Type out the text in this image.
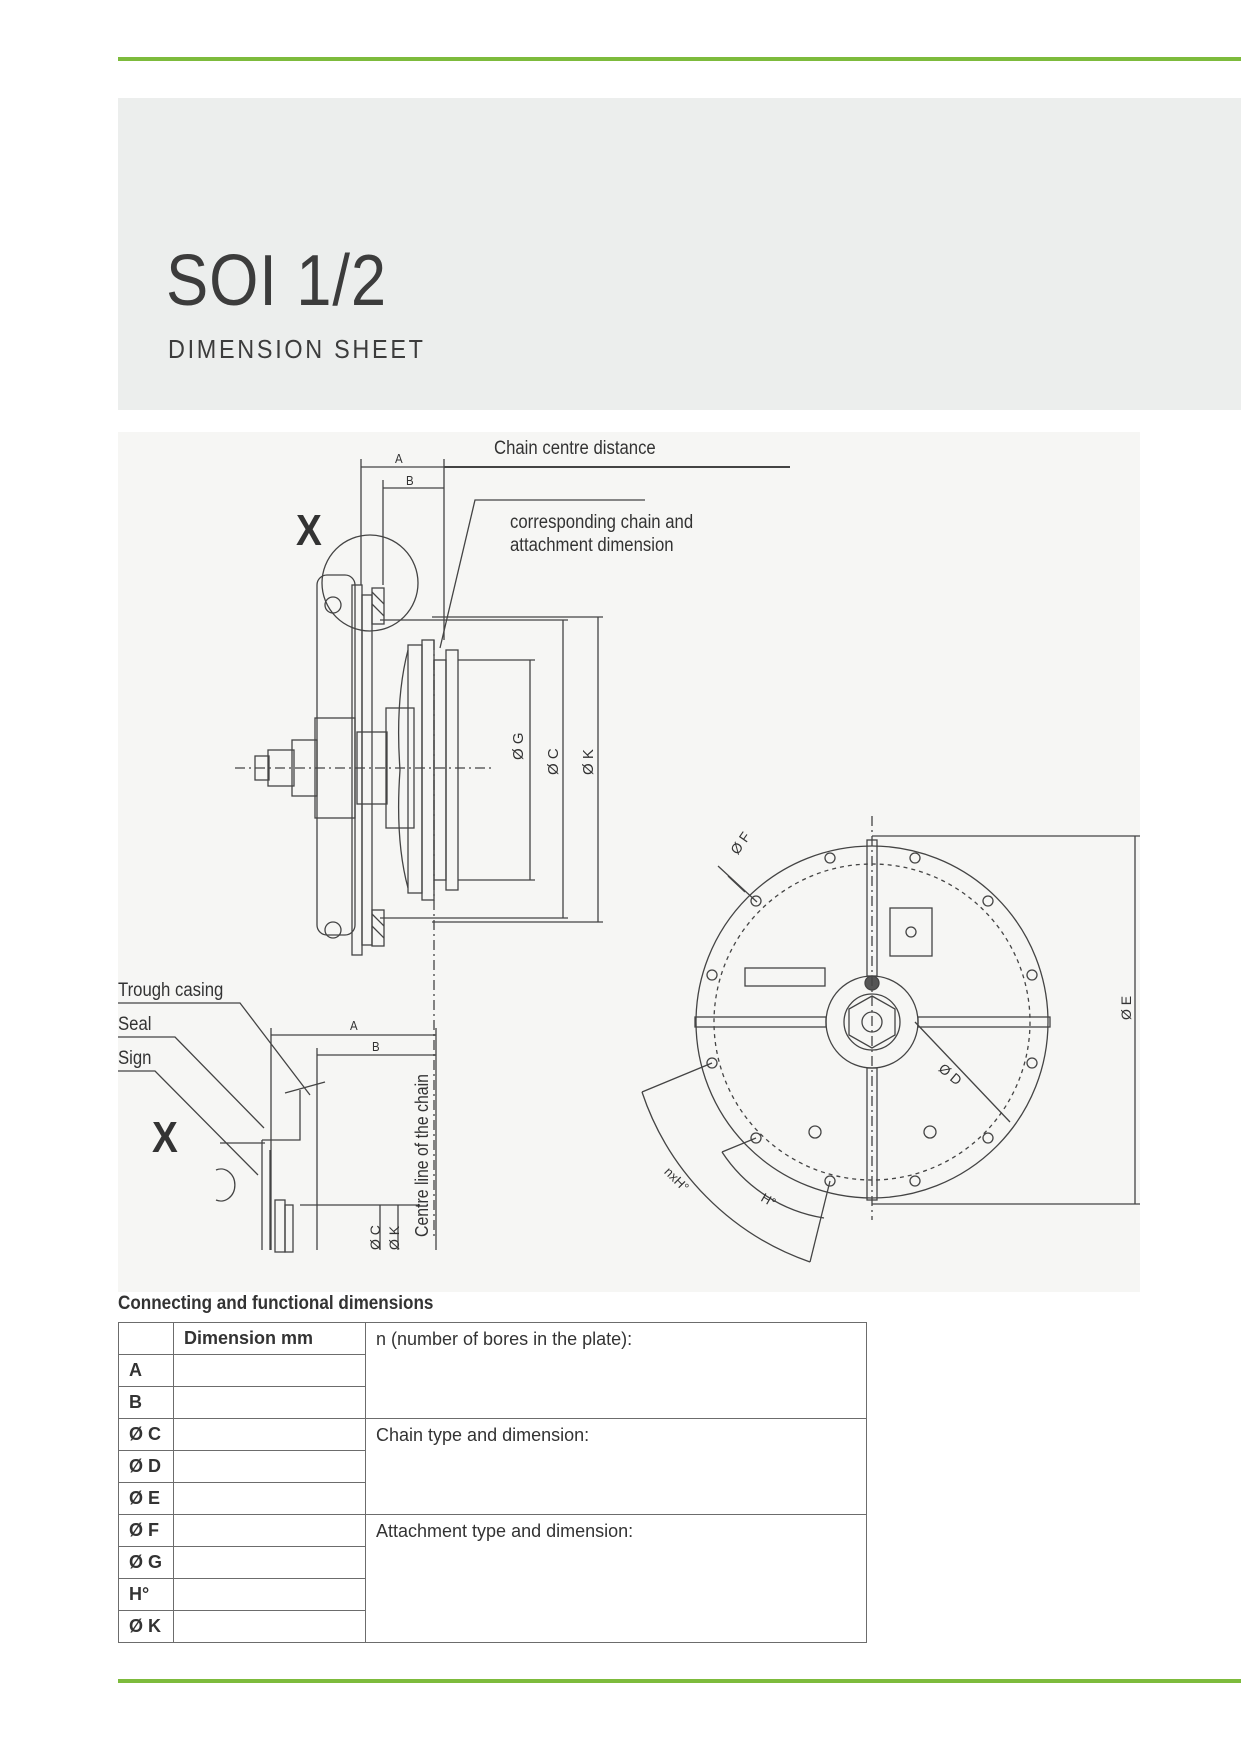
SOI 1/2
DIMENSION SHEET
Chain centre distance
corresponding chain and
attachment dimension
X
A
B
Ø G
Ø C Ø K
Trough casing
Seal
Sign
X
A
B
Centre line of the chain
Ø C Ø K
Ø F
Ø D
Ø E
nxH°
H°
Connecting and functional dimensions
	Dimension mm	n (number of bores in the plate):
A		
B		
Ø C		Chain type and dimension:
Ø D		
Ø E		
Ø F		Attachment type and dimension:
Ø G		
H°		
Ø K		
